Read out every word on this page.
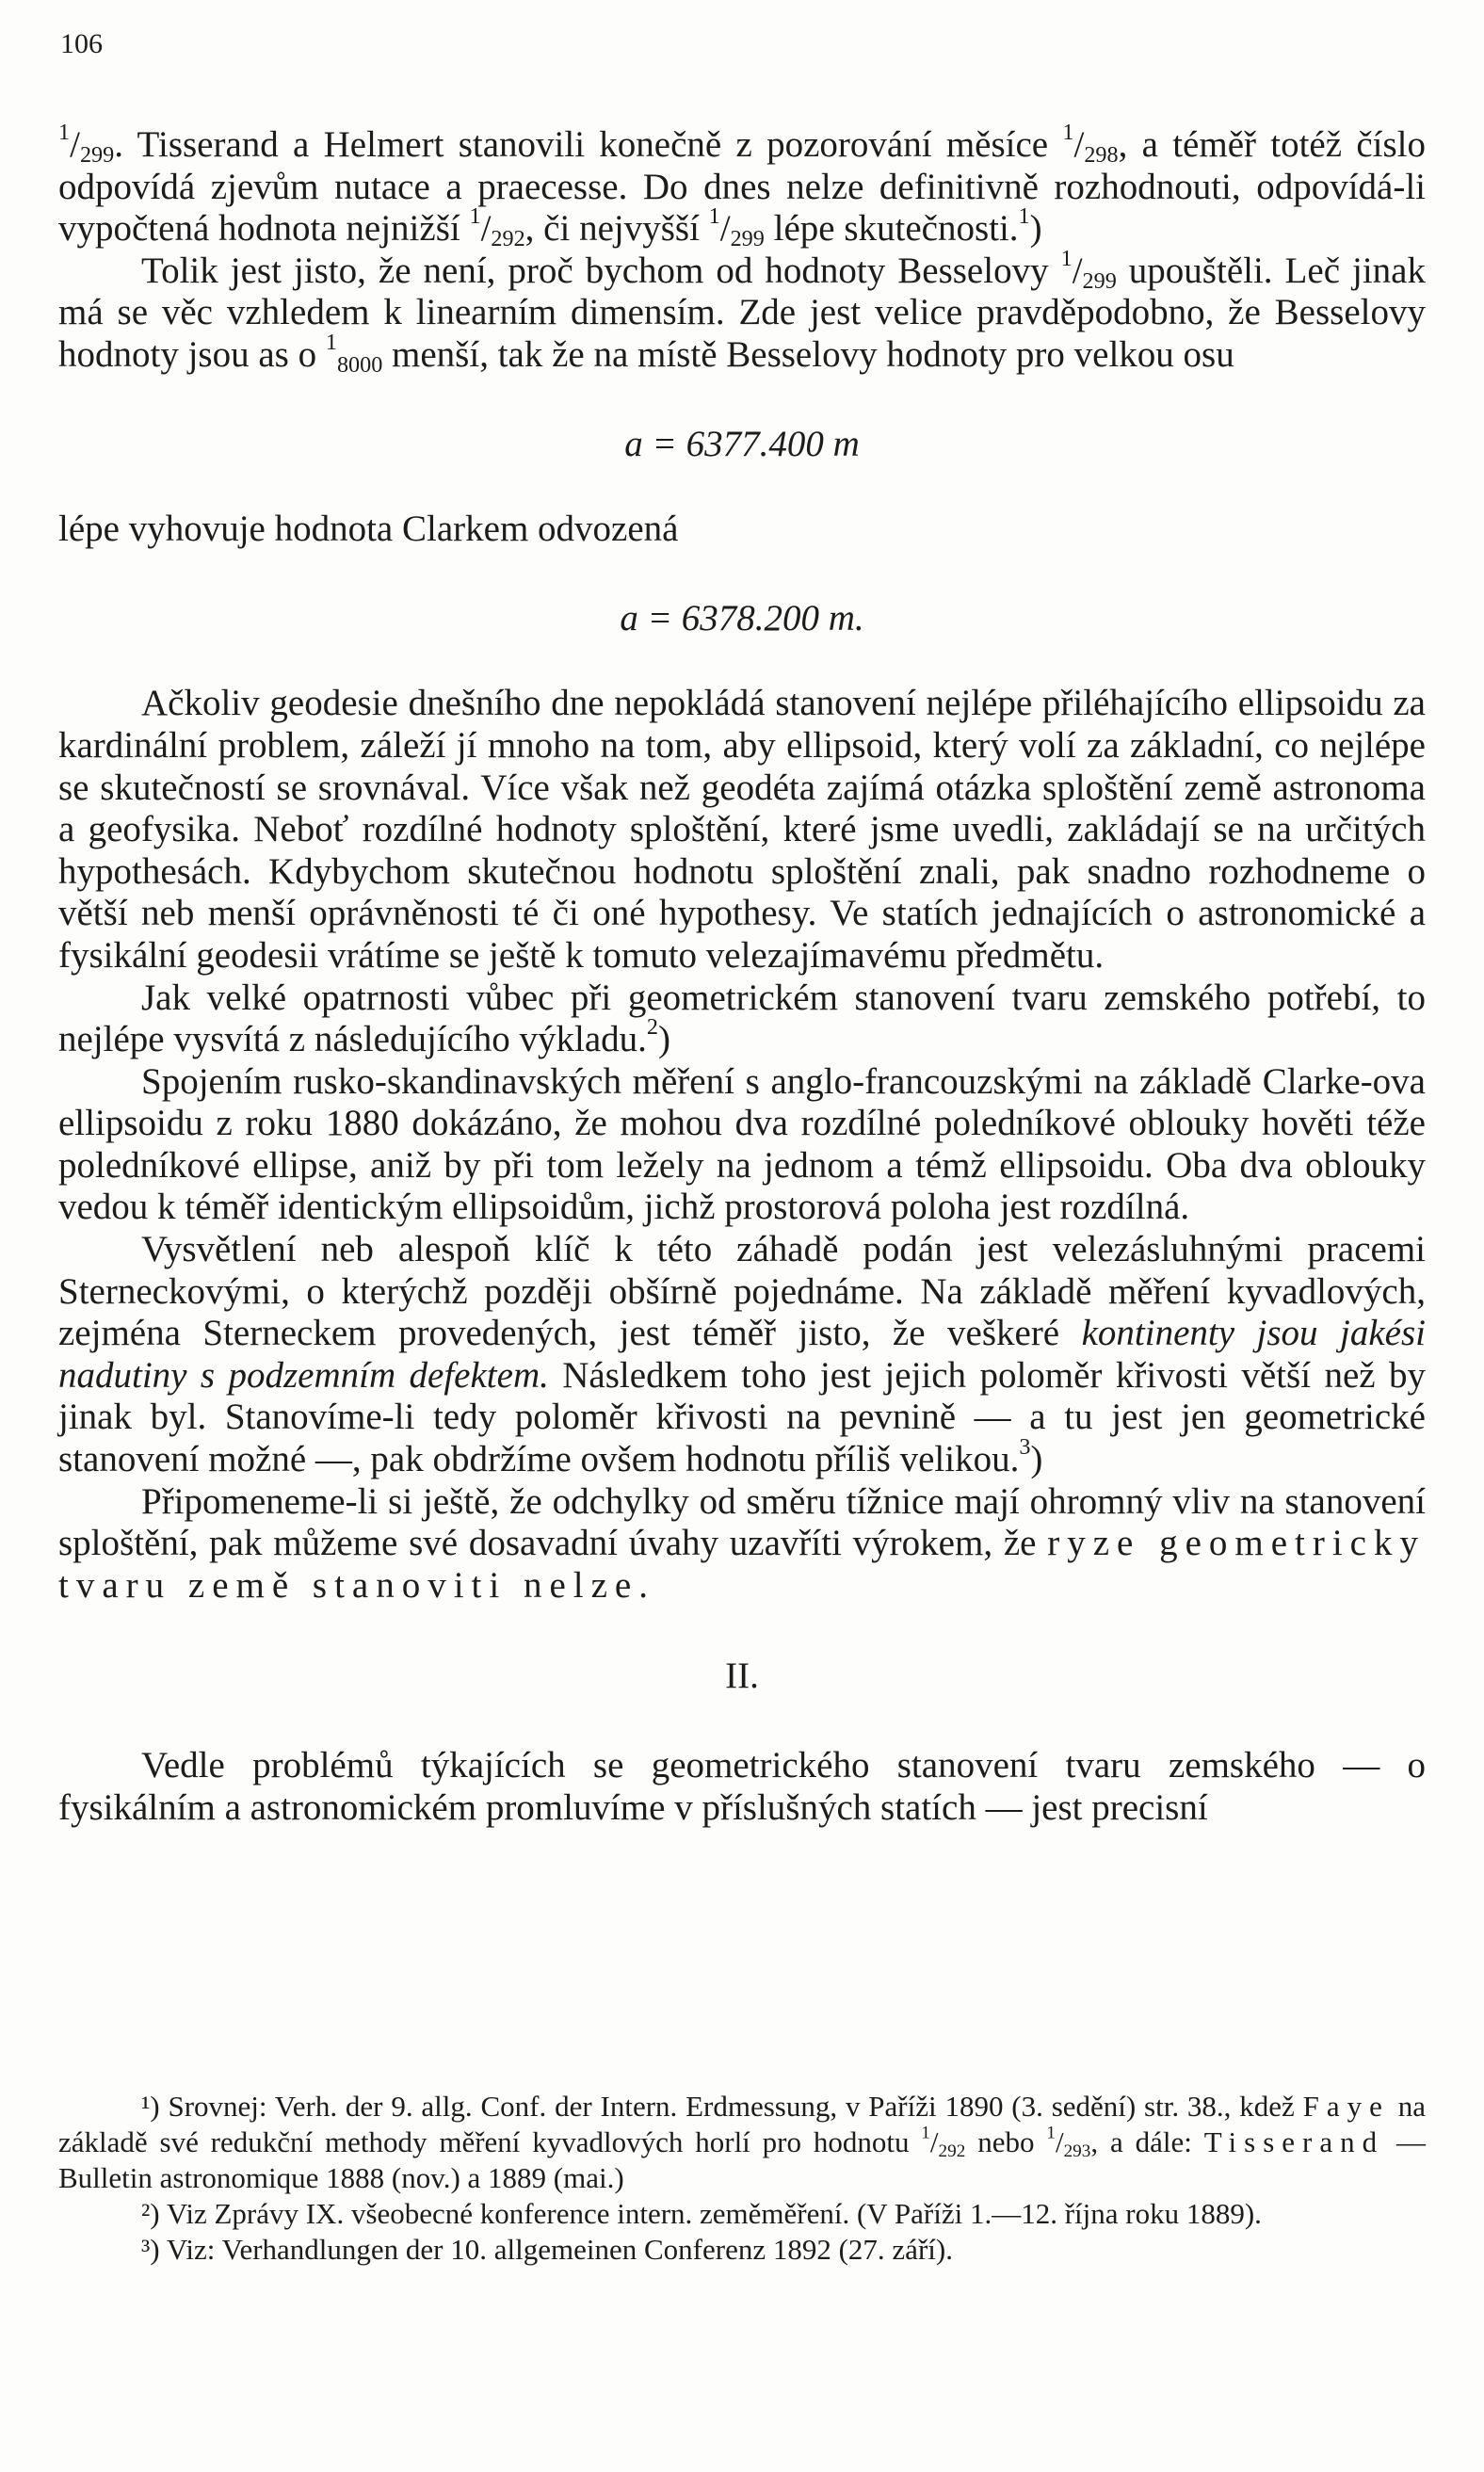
106

$^1/_{299}$. Tisserand a Helmert stanovili konečně z pozorování měsíce $^1/_{298}$, a téměř totéž číslo odpovídá zjevům nutace a praecesse. Do dnes nelze definitivně rozhodnouti, odpovídá-li vypočtená hodnota nejnižší $^1/_{292}$, či nejvyšší $^1/_{299}$ lépe skutečnosti.$^1$)

Tolik jest jisto, že není, proč bychom od hodnoty Besselovy $^1/_{299}$ upouštěli. Leč jinak má se věc vzhledem k linearním dimensím. Zde jest velice pravděpodobno, že Besselovy hodnoty jsou as o $^1_{8000}$ menší, tak že na místě Besselovy hodnoty pro velkou osu

a = 6377.400 m

lépe vyhovuje hodnota Clarkem odvozená

a = 6378.200 m.

Ačkoliv geodesie dnešního dne nepokládá stanovení nejlépe přiléhajícího ellipsoidu za kardinální problem, záleží jí mnoho na tom, aby ellipsoid, který volí za základní, co nejlépe se skutečností se srovnával. Více však než geodéta zajímá otázka sploštění země astronoma a geofysika. Neboť rozdílné hodnoty sploštění, které jsme uvedli, zakládají se na určitých hypothesách. Kdybychom skutečnou hodnotu sploštění znali, pak snadno rozhodneme o větší neb menší oprávněnosti té či oné hypothesy. Ve statích jednajících o astronomické a fysikální geodesii vrátíme se ještě k tomuto velezajímavému předmětu.

Jak velké opatrnosti vůbec při geometrickém stanovení tvaru zemského potřebí, to nejlépe vysvítá z následujícího výkladu.$^2$)

Spojením rusko-skandinavských měření s anglo-francouzskými na základě Clarke-ova ellipsoidu z roku 1880 dokázáno, že mohou dva rozdílné poledníkové oblouky hověti téže poledníkové ellipse, aniž by při tom ležely na jednom a témž ellipsoidu. Oba dva oblouky vedou k téměř identickým ellipsoidům, jichž prostorová poloha jest rozdílná.

Vysvětlení neb alespoň klíč k této záhadě podán jest velezásluhnými pracemi Sterneckovými, o kterýchž později obšírně pojednáme. Na základě měření kyvadlových, zejména Sterneckem provedených, jest téměř jisto, že veškeré kontinenty jsou jakési nadutiny s podzemním defektem. Následkem toho jest jejich poloměr křivosti větší než by jinak byl. Stanovíme-li tedy poloměr křivosti na pevnině — a tu jest jen geometrické stanovení možné —, pak obdržíme ovšem hodnotu příliš velikou.$^3$)

Připomeneme-li si ještě, že odchylky od směru tížnice mají ohromný vliv na stanovení sploštění, pak můžeme své dosavadní úvahy uzavříti výrokem, že ryze geometricky tvaru země stanoviti nelze.

II.

Vedle problémů týkajících se geometrického stanovení tvaru zemského — o fysikálním a astronomickém promluvíme v příslušných statích — jest precisní

¹) Srovnej: Verh. der 9. allg. Conf. der Intern. Erdmessung, v Paříži 1890 (3. sedění) str. 38., kdež Faye na základě své redukční methody měření kyvadlových horlí pro hodnotu $^1/_{292}$ nebo $^1/_{293}$, a dále: Tisserand — Bulletin astronomique 1888 (nov.) a 1889 (mai.)

²) Viz Zprávy IX. všeobecné konference intern. zeměměření. (V Paříži 1.—12. října roku 1889).

³) Viz: Verhandlungen der 10. allgemeinen Conferenz 1892 (27. září).
